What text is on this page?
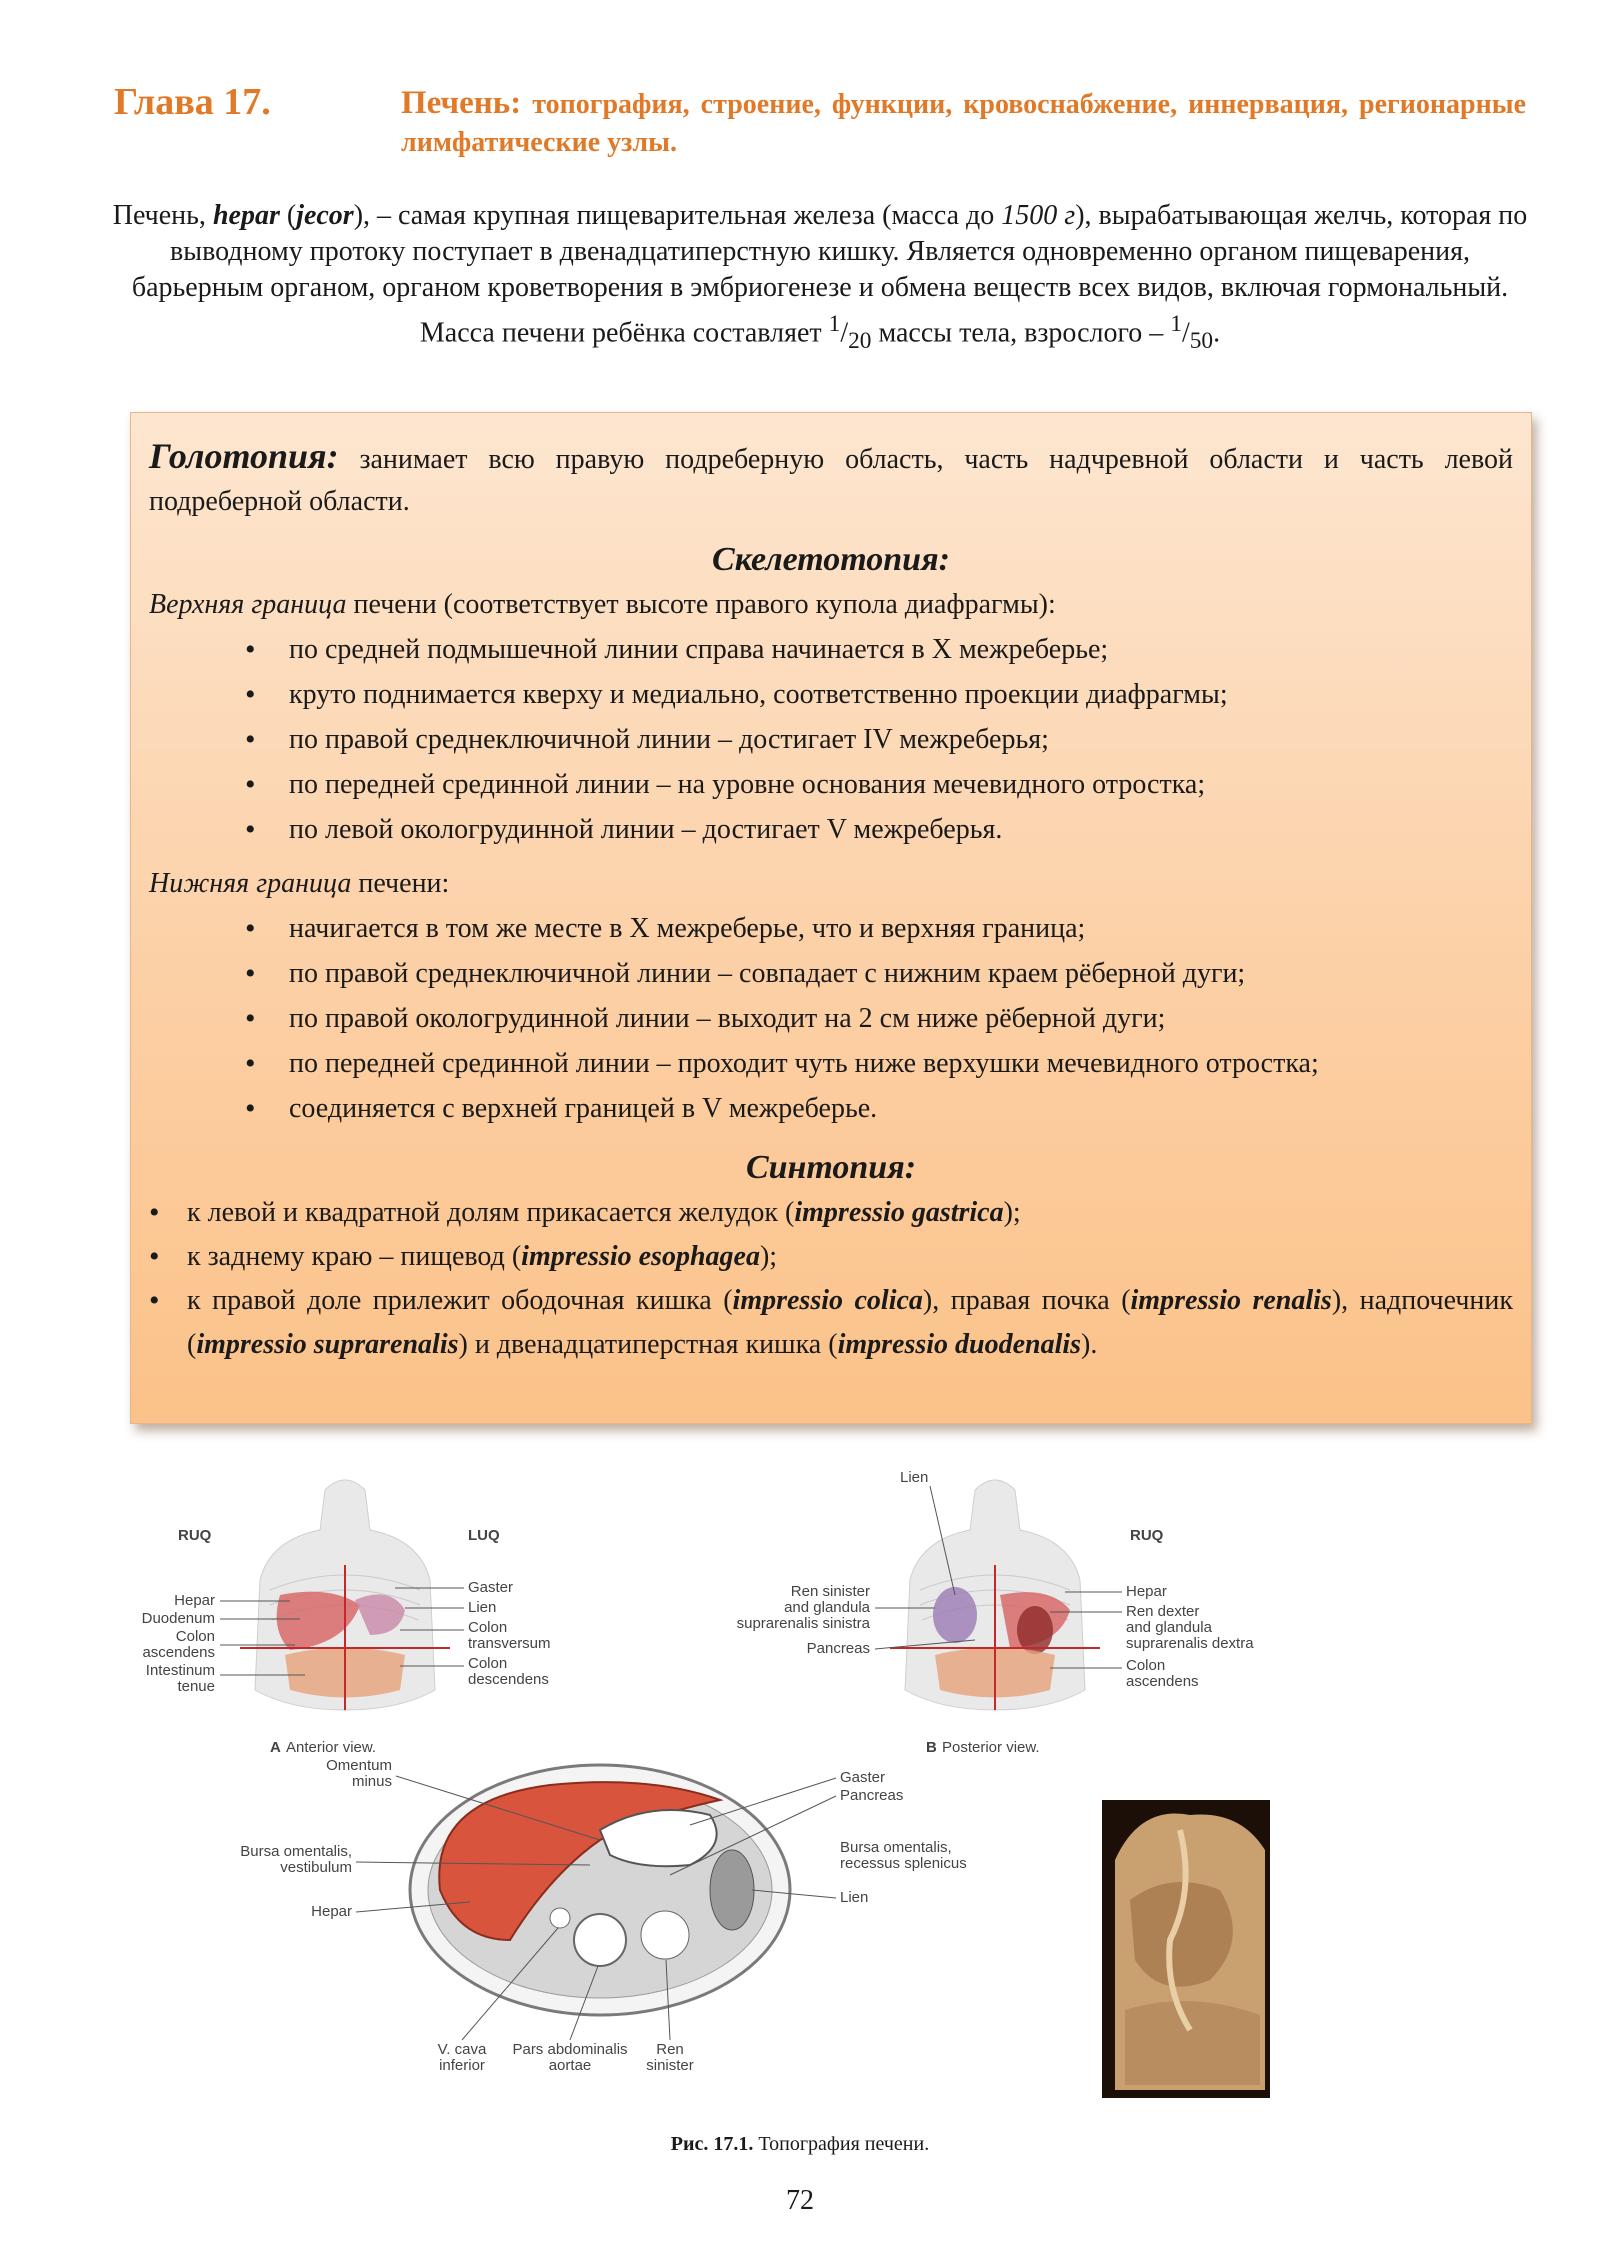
Глава 17.	Печень: топография, строение, функции, кровоснабжение, иннервация, регионарные лимфатические узлы.
Печень, hepar (jecor), – самая крупная пищеварительная железа (масса до 1500 г), вырабатывающая желчь, которая по выводному протоку поступает в двенадцатиперстную кишку. Является одновременно органом пищеварения, барьерным органом, органом кроветворения в эмбриогенезе и обмена веществ всех видов, включая гормональный.
Масса печени ребёнка составляет $^1/_{20}$ массы тела, взрослого – $^1/_{50}$.
Голотопия: занимает всю правую подреберную область, часть надчревной области и часть левой подреберной области.
Скелетотопия:
Верхняя граница печени (соответствует высоте правого купола диафрагмы):
• по средней подмышечной линии справа начинается в X межреберье;
• круто поднимается кверху и медиально, соответственно проекции диафрагмы;
• по правой среднеключичной линии – достигает IV межреберья;
• по передней срединной линии – на уровне основания мечевидного отростка;
• по левой окологрудинной линии – достигает V межреберья.
Нижняя граница печени:
• начигается в том же месте в X межреберье, что и верхняя граница;
• по правой среднеключичной линии – совпадает с нижним краем рёберной дуги;
• по правой окологрудинной линии – выходит на 2 см ниже рёберной дуги;
• по передней срединной линии – проходит чуть ниже верхушки мечевидного отростка;
• соединяется с верхней границей в V межреберье.
Синтопия:
• к левой и квадратной долям прикасается желудок (impressio gastrica);
• к заднему краю – пищевод (impressio esophagea);
• к правой доле прилежит ободочная кишка (impressio colica), правая почка (impressio renalis), надпочечник (impressio suprarenalis) и двенадцатиперстная кишка (impressio duodenalis).
RUQ	LUQ
Hepar
Duodenum
Colon
ascendens
Intestinum
tenue
Gaster
Lien
Colon
transversum
Colon
descendens
A Anterior view.
Lien
RUQ
Ren sinister
and glandula
suprarenalis sinistra
Pancreas
Hepar
Ren dexter
and glandula
suprarenalis dextra
Colon
ascendens
B Posterior view.
Omentum
minus
Bursa omentalis,
vestibulum
Hepar
Gaster
Pancreas
Bursa omentalis,
recessus splenicus
Lien
V. cava
inferior
Pars abdominalis
aortae
Ren
sinister
Рис. 17.1. Топография печени.
72
